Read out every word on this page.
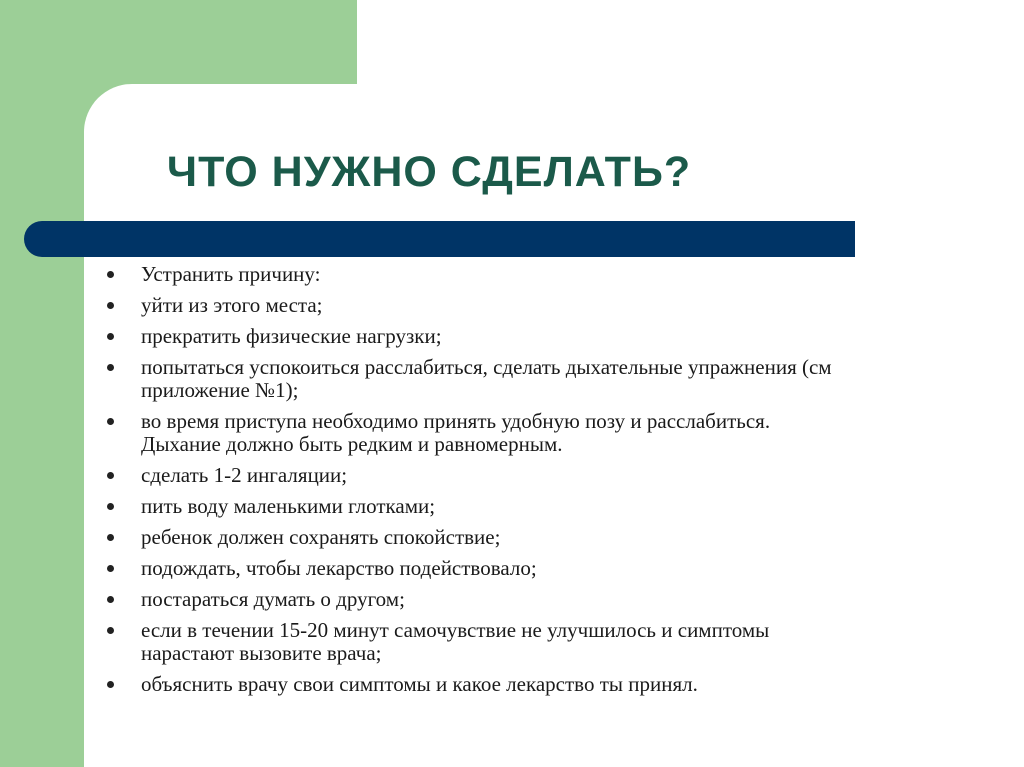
ЧТО НУЖНО СДЕЛАТЬ?
Устранить причину:
уйти из этого места;
прекратить физические нагрузки;
попытаться успокоиться расслабиться, сделать дыхательные упражнения (см
приложение №1);
во время приступа необходимо принять удобную позу и расслабиться.
Дыхание должно быть редким и равномерным.
сделать 1-2 ингаляции;
пить воду маленькими глотками;
ребенок должен сохранять спокойствие;
подождать, чтобы лекарство подействовало;
постараться думать о другом;
если в течении 15-20 минут самочувствие не улучшилось и симптомы
нарастают вызовите врача;
объяснить врачу свои симптомы и какое лекарство ты принял.
